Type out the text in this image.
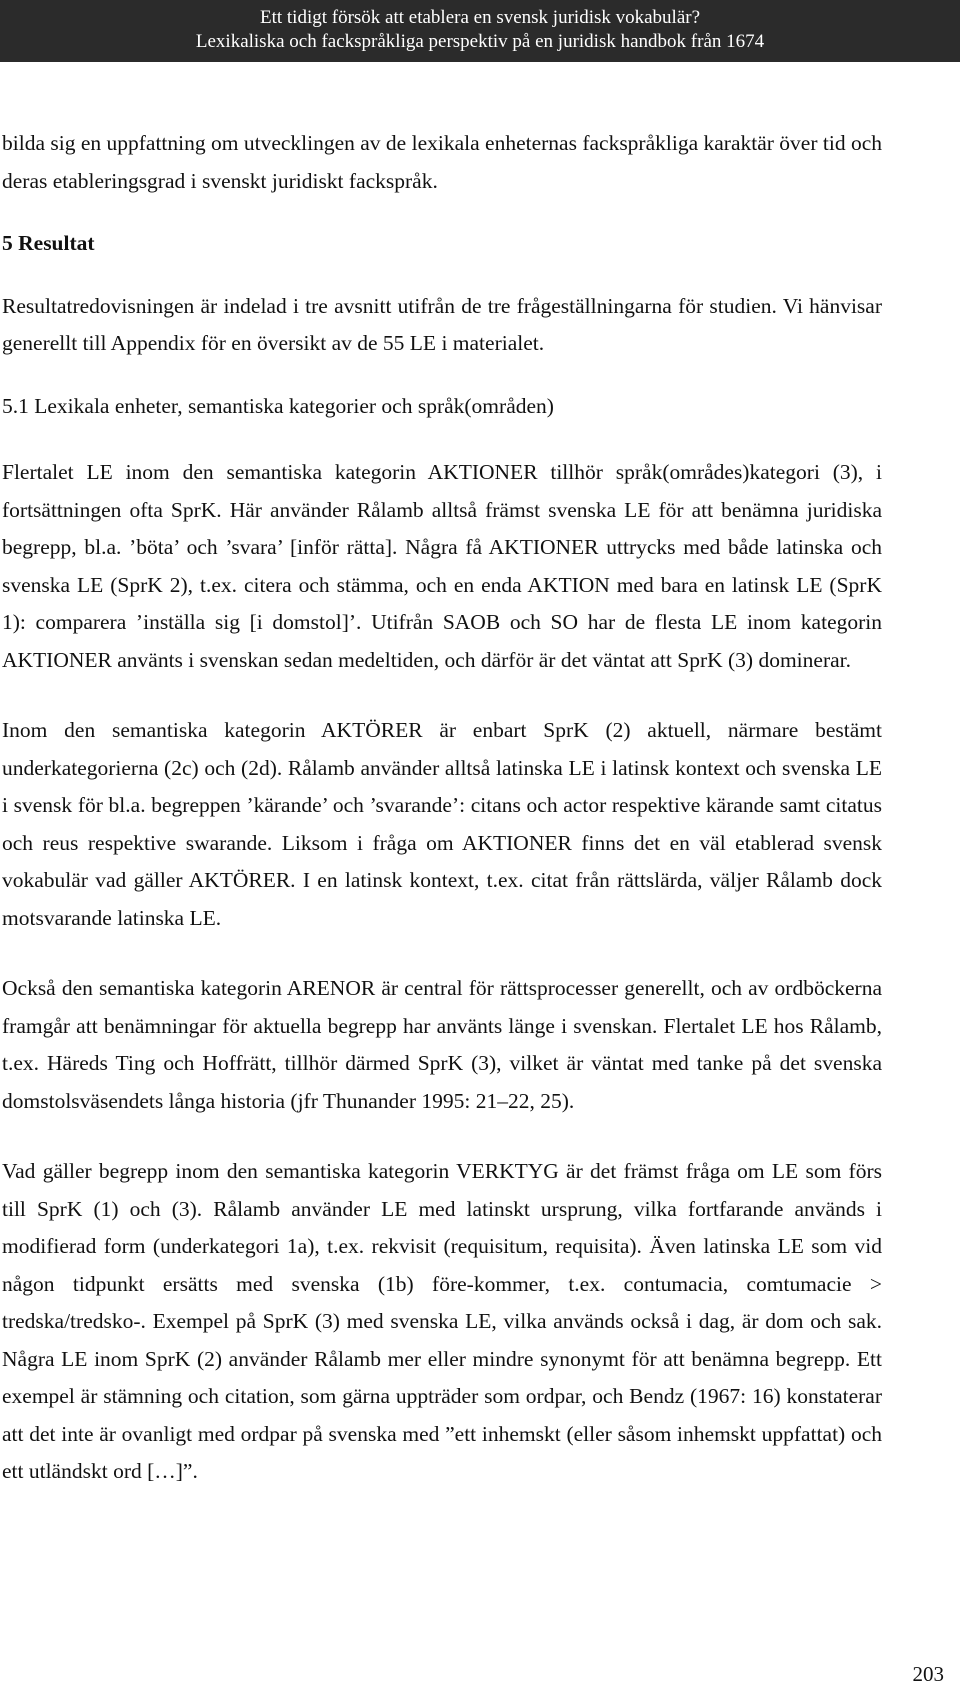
Ett tidigt försök att etablera en svensk juridisk vokabulär?
Lexikaliska och fackspråkliga perspektiv på en juridisk handbok från 1674

bilda sig en uppfattning om utvecklingen av de lexikala enheternas fackspråkliga karaktär över tid och deras etableringsgrad i svenskt juridiskt fackspråk.

5 Resultat

Resultatredovisningen är indelad i tre avsnitt utifrån de tre frågeställningarna för studien. Vi hänvisar generellt till Appendix för en översikt av de 55 LE i materialet.

5.1 Lexikala enheter, semantiska kategorier och språk(områden)

Flertalet LE inom den semantiska kategorin AKTIONER tillhör språk(områdes)kategori (3), i fortsättningen ofta SprK. Här använder Rålamb alltså främst svenska LE för att benämna juridiska begrepp, bl.a. ’böta’ och ’svara’ [inför rätta]. Några få AKTIONER uttrycks med både latinska och svenska LE (SprK 2), t.ex. citera och stämma, och en enda AKTION med bara en latinsk LE (SprK 1): comparera ’inställa sig [i domstol]’. Utifrån SAOB och SO har de flesta LE inom kategorin AKTIONER använts i svenskan sedan medeltiden, och därför är det väntat att SprK (3) dominerar.

Inom den semantiska kategorin AKTÖRER är enbart SprK (2) aktuell, närmare bestämt underkategorierna (2c) och (2d). Rålamb använder alltså latinska LE i latinsk kontext och svenska LE i svensk för bl.a. begreppen ’kärande’ och ’svarande’: citans och actor respektive kärande samt citatus och reus respektive swarande. Liksom i fråga om AKTIONER finns det en väl etablerad svensk vokabulär vad gäller AKTÖRER. I en latinsk kontext, t.ex. citat från rättslärda, väljer Rålamb dock motsvarande latinska LE.

Också den semantiska kategorin ARENOR är central för rättsprocesser generellt, och av ordböckerna framgår att benämningar för aktuella begrepp har använts länge i svenskan. Flertalet LE hos Rålamb, t.ex. Häreds Ting och Hoffrätt, tillhör därmed SprK (3), vilket är väntat med tanke på det svenska domstolsväsendets långa historia (jfr Thunander 1995: 21–22, 25).

Vad gäller begrepp inom den semantiska kategorin VERKTYG är det främst fråga om LE som förs till SprK (1) och (3). Rålamb använder LE med latinskt ursprung, vilka fortfarande används i modifierad form (underkategori 1a), t.ex. rekvisit (requisitum, requisita). Även latinska LE som vid någon tidpunkt ersätts med svenska (1b) före-kommer, t.ex. contumacia, comtumacie > tredska/tredsko-. Exempel på SprK (3) med svenska LE, vilka används också i dag, är dom och sak. Några LE inom SprK (2) använder Rålamb mer eller mindre synonymt för att benämna begrepp. Ett exempel är stämning och citation, som gärna uppträder som ordpar, och Bendz (1967: 16) konstaterar att det inte är ovanligt med ordpar på svenska med ”ett inhemskt (eller såsom inhemskt uppfattat) och ett utländskt ord […]”.

203
